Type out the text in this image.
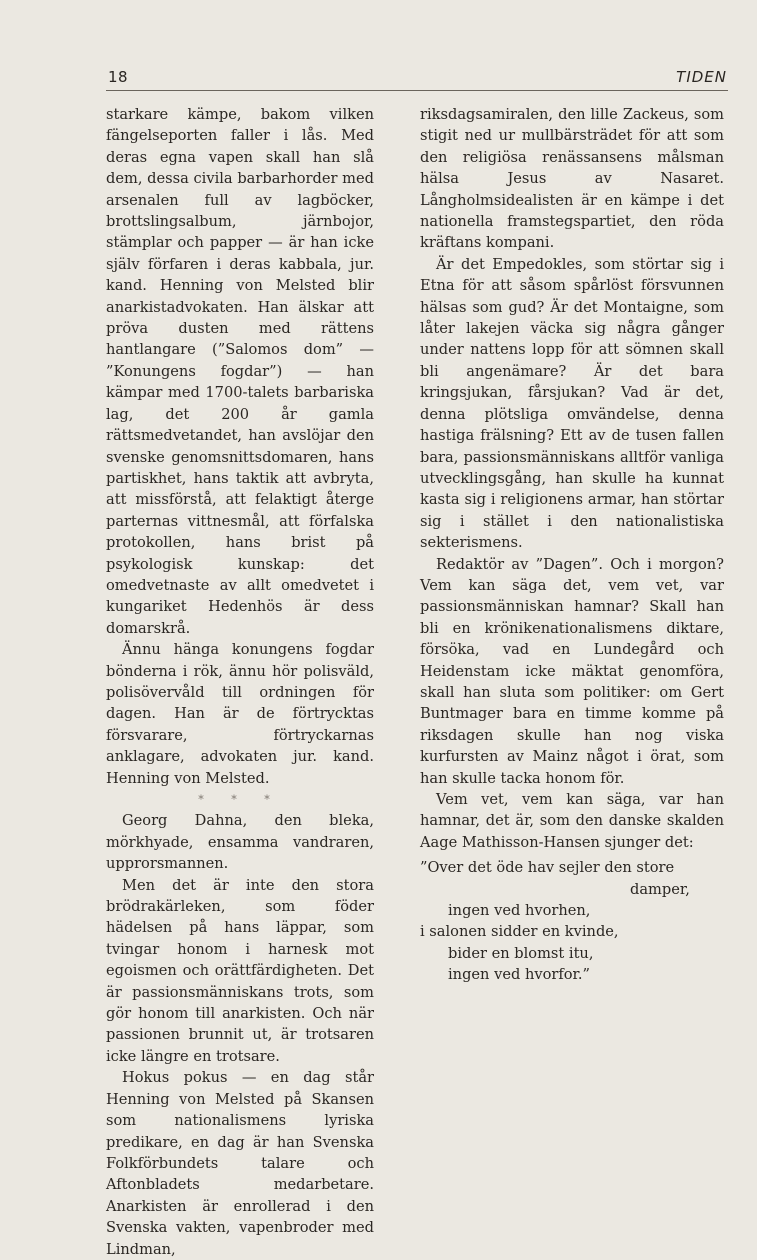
18	TIDEN

starkare kämpe, bakom vilken fängelseporten faller i lås. Med deras egna vapen skall han slå dem, dessa civila barbarhorder med arsenalen full av lagböcker, brottslingsalbum, järnbojor, stämplar och papper — är han icke själv förfaren i deras kabbala, jur. kand. Henning von Melsted blir anarkistadvokaten. Han älskar att pröva dusten med rättens hantlangare (”Salomos dom” — ”Konungens fogdar”) — han kämpar med 1700-talets barbariska lag, det 200 år gamla rättsmedvetandet, han avslöjar den svenske genomsnittsdomaren, hans partiskhet, hans taktik att avbryta, att missförstå, att felaktigt återge parternas vittnesmål, att förfalska protokollen, hans brist på psykologisk kunskap: det omedvetnaste av allt omedvetet i kungariket Hedenhös är dess domarskrå.

Ännu hänga konungens fogdar bönderna i rök, ännu hör polisväld, polisövervåld till ordningen för dagen. Han är de förtrycktas försvarare, förtryckarnas anklagare, advokaten jur. kand. Henning von Melsted.

* * *

Georg Dahna, den bleka, mörkhyade, ensamma vandraren, upprorsmannen.

Men det är inte den stora brödrakärleken, som föder hädelsen på hans läppar, som tvingar honom i harnesk mot egoismen och orättfärdigheten. Det är passionsmänniskans trots, som gör honom till anarkisten. Och när passionen brunnit ut, är trotsaren icke längre en trotsare.

Hokus pokus — en dag står Henning von Melsted på Skansen som nationalismens lyriska predikare, en dag är han Svenska Folkförbundets talare och Aftonbladets medarbetare. Anarkisten är enrollerad i den Svenska vakten, vapenbroder med Lindman,

riksdagsamiralen, den lille Zackeus, som stigit ned ur mullbärsträdet för att som den religiösa renässansens målsman hälsa Jesus av Nasaret. Långholmsidealisten är en kämpe i det nationella framstegspartiet, den röda kräftans kompani.

Är det Empedokles, som störtar sig i Etna för att såsom spårlöst försvunnen hälsas som gud? Är det Montaigne, som låter lakejen väcka sig några gånger under nattens lopp för att sömnen skall bli angenämare? Är det bara kringsjukan, fårsjukan? Vad är det, denna plötsliga omvändelse, denna hastiga frälsning? Ett av de tusen fallen bara, passionsmänniskans alltför vanliga utvecklingsgång, han skulle ha kunnat kasta sig i religionens armar, han störtar sig i stället i den nationalistiska sekterismens.

Redaktör av ”Dagen”. Och i morgon? Vem kan säga det, vem vet, var passionsmänniskan hamnar? Skall han bli en krönikenationalismens diktare, försöka, vad en Lundegård och Heidenstam icke mäktat genomföra, skall han sluta som politiker: om Gert Buntmager bara en timme komme på riksdagen skulle han nog viska kurfursten av Mainz något i örat, som han skulle tacka honom för.

Vem vet, vem kan säga, var han hamnar, det är, som den danske skalden Aage Mathisson-Hansen sjunger det:

”Over det öde hav sejler den store
damper,
ingen ved hvorhen,
i salonen sidder en kvinde,
bider en blomst itu,
ingen ved hvorfor.”
